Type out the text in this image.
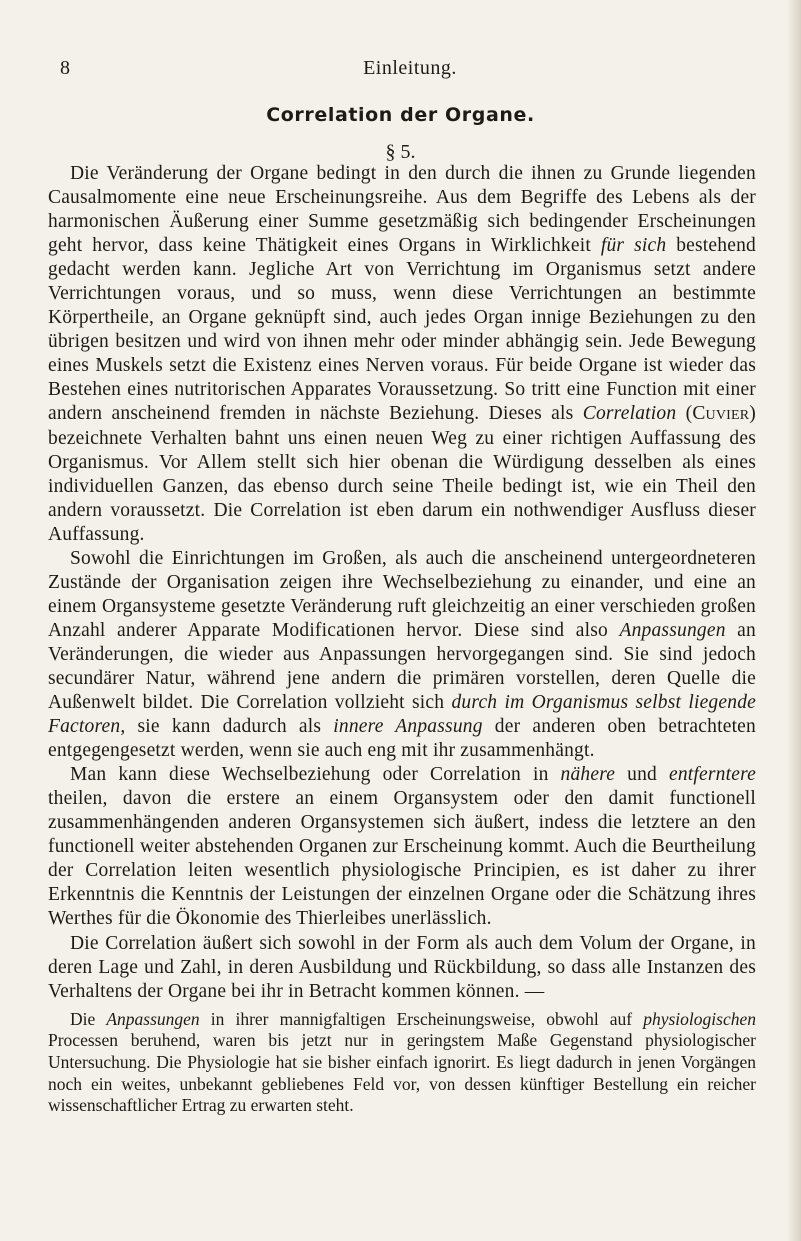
8	Einleitung.
Correlation der Organe.
§ 5.

Die Veränderung der Organe bedingt in den durch die ihnen zu Grunde liegenden Causalmomente eine neue Erscheinungsreihe. Aus dem Begriffe des Lebens als der harmonischen Äußerung einer Summe gesetzmäßig sich bedingender Erscheinungen geht hervor, dass keine Thätigkeit eines Organs in Wirklichkeit für sich bestehend gedacht werden kann. Jegliche Art von Verrichtung im Organismus setzt andere Verrichtungen voraus, und so muss, wenn diese Verrichtungen an bestimmte Körpertheile, an Organe geknüpft sind, auch jedes Organ innige Beziehungen zu den übrigen besitzen und wird von ihnen mehr oder minder abhängig sein. Jede Bewegung eines Muskels setzt die Existenz eines Nerven voraus. Für beide Organe ist wieder das Bestehen eines nutritorischen Apparates Voraussetzung. So tritt eine Function mit einer andern anscheinend fremden in nächste Beziehung. Dieses als Correlation (Cuvier) bezeichnete Verhalten bahnt uns einen neuen Weg zu einer richtigen Auffassung des Organismus. Vor Allem stellt sich hier obenan die Würdigung desselben als eines individuellen Ganzen, das ebenso durch seine Theile bedingt ist, wie ein Theil den andern voraussetzt. Die Correlation ist eben darum ein nothwendiger Ausfluss dieser Auffassung.

Sowohl die Einrichtungen im Großen, als auch die anscheinend untergeordneteren Zustände der Organisation zeigen ihre Wechselbeziehung zu einander, und eine an einem Organsysteme gesetzte Veränderung ruft gleichzeitig an einer verschieden großen Anzahl anderer Apparate Modificationen hervor. Diese sind also Anpassungen an Veränderungen, die wieder aus Anpassungen hervorgegangen sind. Sie sind jedoch secundärer Natur, während jene andern die primären vorstellen, deren Quelle die Außenwelt bildet. Die Correlation vollzieht sich durch im Organismus selbst liegende Factoren, sie kann dadurch als innere Anpassung der anderen oben betrachteten entgegengesetzt werden, wenn sie auch eng mit ihr zusammenhängt.

Man kann diese Wechselbeziehung oder Correlation in nähere und entferntere theilen, davon die erstere an einem Organsystem oder den damit functionell zusammenhängenden anderen Organsystemen sich äußert, indess die letztere an den functionell weiter abstehenden Organen zur Erscheinung kommt. Auch die Beurtheilung der Correlation leiten wesentlich physiologische Principien, es ist daher zu ihrer Erkenntnis die Kenntnis der Leistungen der einzelnen Organe oder die Schätzung ihres Werthes für die Ökonomie des Thierleibes unerlässlich.

Die Correlation äußert sich sowohl in der Form als auch dem Volum der Organe, in deren Lage und Zahl, in deren Ausbildung und Rückbildung, so dass alle Instanzen des Verhaltens der Organe bei ihr in Betracht kommen können. —

Die Anpassungen in ihrer mannigfaltigen Erscheinungsweise, obwohl auf physiologischen Processen beruhend, waren bis jetzt nur in geringstem Maße Gegenstand physiologischer Untersuchung. Die Physiologie hat sie bisher einfach ignorirt. Es liegt dadurch in jenen Vorgängen noch ein weites, unbekannt gebliebenes Feld vor, von dessen künftiger Bestellung ein reicher wissenschaftlicher Ertrag zu erwarten steht.
